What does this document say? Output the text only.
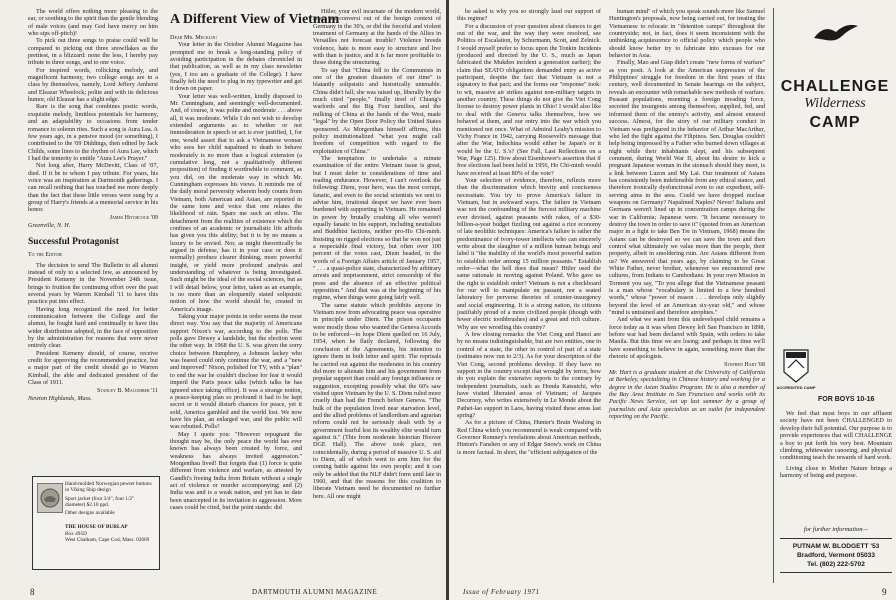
The world offers nothing more pleasing to the ear, or soothing to the spirit than the gentle blending of male voices (and may God have mercy on him who sips off-pitch)!

To pick out three songs to praise could well be compared to picking out three snowflakes as the prettiest, in a blizzard: none the less, I hereby pay tribute to three songs, and to one voice.

For inspired words, rollicking melody, and magnificent harmony, two college songs are in a class by themselves, namely, Lord Jeffery Amherst and Eleazar Wheelock; polite and with its delicious humor, old Eleazar has a slight edge.

Rare is the song that combines poetic words, exquisite melody, limitless potentials for harmony, and an adaptability to occasions from tender romance to solemn rites. Such a song is Aura Lea. A few years ago, in a pensive mood (or something), I contributed to the '09 Diddings, then edited by Jack Childs, some lines to the rhythm of Aura Lee, which I had the temerity to entitle "Aura Lee's Prayer."

Not long after, Harry McDevitt, Class of '07, died. If it be to whom I pay tribute. For years, his voice was an inspiration at Dartmouth gatherings. I can recall nothing that has touched me more deeply than the fact that these little verses were sung by a group of Harry's friends at a memorial service in his honor.

James Hitchcock '09
Greenville, N. H.
Successful Protagonist
To the Editor:

The decision to send The Bulletin to all alumni instead of only to a selected few, as announced by President Kemeny in the November 24th issue, brings to fruition the continuing effort over the past several years by Warren Kimball '11 to have this practice put into effect.

Having long recognized the need for better communication between the College and the alumni, he fought hard and continually to have this wider distribution adopted, in the face of opposition by the administration for reasons that were never entirely clear.

President Kemeny should, of course, receive credit for approving the recommended practice, but a major part of the credit should go to Warren Kimball, the able and dedicated president of the Class of 1911.

Stanley B. Macomber '11
Newton Highlands, Mass.
Hand-molded Norwegian pewter buttons in Viking Ship design
Sport jacket (four 3/4", four 1/2" diameter) $2.10 ppd.
Other designs available
THE HOUSE OF BURLAP
Box 495D
West Chatham, Cape Cod, Mass. 02669
A Different View of Vietnam

Dear Mr. Mecklin:

Your letter in the October Alumni Magazine has prompted me to break a long-standing policy of avoiding participation in the debates chronicled in that publication, as well as in my class newsletter (yes, I too am a graduate of the College). I have finally felt the need to plug in my typewriter and get it down on paper.

Your letter was well-written, kindly disposed to Mr. Cunningham, and seemingly well-documented. And, of course, it was polite and moderate . . . above all, it was moderate. While I do not wish to develop extended arguments as to whether or not immoderation in speech or act is ever justified, I, for one, would assert that to ask a Vietnamese woman who sees her child napalmed to death to behave moderately is no more than a logical extension (a cumulative long, not a qualitatively different proposition) of finding it worthwhile to comment, as you did, on the moderate way in which Mr. Cunningham expresses his views. It reminds me of the daily moral perversity wherein body counts from Vietnam, both American and Asian, are reported in the same tone and voice that one relates the likelihood of rain. Spare me such an ethos. The detachment from the realities of existence which the confines of an academic or journalistic life affords has given you this ability; but it is by no means a luxury to be envied. Nor, as might theoretically be argued in defense, has it in your case or does it normally) produce clearer thinking, more powerful insight, or yield more profound analysis and understanding of whatever is being investigated. Such might be the ideal of the social sciences, but as I will detail below, your letter, taken as an example, is no more than an eloquently stated solipsistic notion of how the world should be, created in America's image.

Taking your major points in order seems the most direct way. You say that the majority of Americans support Nixon's war, according to the polls. The polls gave Dewey a landslide, but the election went the other way. In 1968 the U. S. was given the sorry choice between Humphrey, a Johnson lackey who was feared could only continue the war, and a "new and improved" Nixon, polished for TV, with a "plan" to end the war he couldn't disclose for fear it would imperil the Paris peace talks (which talks he has ignored since taking office). It was a strange notion, a peace-keeping plan so profound it had to be kept secret or it would disturb chances for peace, yet it sold, America gambled and the world lost. We now have his plan, an enlarged war, and the public will was rebutted. Polls?

May I quote you: "However repugnant the thought may be, the only peace the world has ever known has always been created by force, and weakness has always invited aggression." Morgenthau lived! But forgets that (1) force is quite different from violence and warfare, as attested by Gandhi's freeing India from Britain without a single act of violence or murder accompanying; and (2) India was and is a weak nation, and yet has to date been unaccepted in its invitation to aggression. More cases could be cited, but the point stands: did

Hitler, your evil incarnate of the modern world, arise uni conversi out of the benign context of Germany in the 30's, or did the forceful and violent treatment of Germany at the hands of the Allies in Versailles not forecast trouble? Violence breeds violence, hate is more easy to structure and live with than is justice, and it is far more profitable to those doing the structuring.

To say that "China fell to the Communists in one of the greatest disasters of our time" is blatantly solipsistic and historically untenable. China didn't fall; she was raised up, liberally by the much cited "people," finally tired of Chiang's warlords and the Big Four families, and the milking of China at the hands of the West, made "legal" by the Open Door Policy the United States sponsored. As Morgenthau himself affirms, this policy institutionalized "what you might call freedom of competition with regard to the exploitation of China."

The temptation to undertake a minute examination of the entire Vietnam issue is great, but I must defer to considerations of time and reading endurance. However, I can't overlook the following: Diem, your hero, was the most corrupt, fanatic, and even to the social scientists we sent to advise him, irrational despot we have ever been burdened with supporting in Vietnam. He remained in power by brutally crushing all who weren't equally fanatic in his support, including neutralists and Buddhist factions, neither pro-Ho Chi-minh. Insisting on rigged elections so that he won not just a respectable final victory, but often over 100 percent of the votes cast, Diem headed, in the words of a Foreign Affairs article of January 1957, " . . . a quasi-police state, characterized by arbitrary arrests and imprisonment, strict censorship of the press and the absence of an effective political opposition." And that was at the beginning of his regime, when things were going fairly well.

The same statute which prohibits anyone in Vietnam now from advocating peace was operative in principle under Diem. The prison occupants were mostly those who wanted the Geneva Accords to be enforced—to hope Diem quelled on 16 July, 1954, when he flatly declared, following the conclusion of the Agreements, his intention to ignore them in both letter and spirit. The reprisals he carried out against the moderates in his country did more to alienate him and his government from popular support than could any foreign influence or suggestion, excepting possibly what the 60's saw visited upon Vietnam by the U. S. Diem ruled more cruelly than had the French before Geneva. "The bulk of the population lived near starvation level, and the allied problems of landlordism and agrarian reform could not be seriously dealt with by a government fearful lest its wealthy elite would turn against it." (This from moderate historian Hoover DGE Hall). The above took place, not coincidentally, during a period of massive U. S. aid to Diem, all of which went to arm him for the coming battle against his own people; and it can only be added that the NLF didn't form until late in 1960, and that the reasons for this coalition to liberate Vietnam need be documented no further here. All one might

8	DARTMOUTH ALUMNI MAGAZINE

be asked is why you so strongly laud our support of this regime?

For a discussion of your question about chances to get out of the war, and the way they were resolved, see Politics of Escalation, by Schurmann, Scott, and Zelnick. I would myself prefer to focus upon the Tonkin Incidents (produced and directed by the U. S., much as Japan fabricated the Mukden incident a generation earlier); the claim that SEATO obligations demanded entry as active participant, despite the fact that Vietnam is not a signatory to that pact; and the forms our "response" took: to wit, massive air strikes against non-military targets in another country. These things do not give the Viet Cong license to destroy power plants in Ohio! I would also like to deal with the Geneva talks themselves, how we behaved at them, and our entry into the war which you mentioned not once. What of Admiral Leahy's mission to Vichy France in 1942, carrying Roosevelt's message that after the War, Indochina would either be Japan's or it would be the U. S.'s? (See Fall, Last Reflections on a War, Page 125). How about Eisenhower's assertion that if free elections had been held in 1956, Ho Chi-minh would have received at least 80% of the vote?

Your selection of evidence, therefore, reflects more than the discrimination which brevity and conciseness necessitate. You try to prove America's failure in Vietnam, but in awkward ways. The failure in Vietnam was not the confounding of the fiercest military machine ever devised, against peasants with rakes, of a $30-billion-a-year budget fizzling out against a rice economy of late neolithic techniques: America's failure is rather the predominance of ivory-tower intellects who can sincerely write about the slaughter of a million human beings and label it "the inability of the world's most powerful nation to establish order among 15 million peasants." Establish order—what the hell does that mean? Hitler used the same rationale in moving against Poland. Who gave us the right to establish order? Vietnam is not a checkboard for our will to manipulate en passant, nor a seated laboratory for perverse theories of counter-insurgency and social engineering. It is a strong nation, its citizens justifiably proud of a more civilized people (though with fewer electric toothbrushes) and a great and rich culture. Why are we wrestling this country?

A few closing remarks: the Viet Cong and Hanoi are by no means indistinguishable, but are two entities, one in control of a state, the other in control of part of a state (estimates now run to 2/3). As for your description of the Viet Cong, second problems develop. If they have no support in the country except that wrought by terror, how do you explain the extensive reports to the contrary by independent journalists, such as Honda Katsuichi, who have visited liberated areas of Vietnam; of Jacques Decornoy, who writes extensively in Le Monde about the Pathet-lao support in Laos, having visited these areas last spring?

As for a picture of China, Hunter's Brain Washing in Red China which you recommend is weak compared with Governor Romney's revelations about American methods, Hinton's Fanshen or any of Edgar Snow's work on China is more factual. In short, the "efficient subjugation of the

human mind" of which you speak sounds more like Samuel Huntington's proposals, now being carried out, for treating the Vietnamese to relocate in "detention camps" throughout the countryside; not, in fact, does it seem inconsistent with the unthinking acquiescence to official policy which people who should know better try to fabricate into excuses for our behavior in Asia.

Finally, Mao and Giap didn't create "new forms of warfare" as you posit. A look at the American suppression of the Philippines' struggle for freedom in the first years of this century, well documented in Senate hearings on the subject, reveals an encounter with remarkable new methods of warfare. Peasant populations, resenting a foreign invading force, secreted the insurgents among themselves, supplied, fed, and informed them of the enemy's activity, and almost ensured success. Almost, for the story of our military conduct in Vietnam was prefigured in the behavior of Arthur MacArthur, who led the fight against the Filipinos. Sen. Douglas couldn't help being impressed by a Father who burned down villages at night while their inhabitants slept, and his subsequent comment, during World War II, about his desire to kick a pregnant Japanese woman in the stomach should they meet, is a link between Luzon and My Lai. Our treatment of Asians has consistently been indefensible from any ethical stance, and therefore ironically dysfunctional even to our expedient, self-serving aims in the area. Could we have dropped nuclear weapons on Germany? Napalmed Naples? Never! Italians and Germans weren't lined up in concentration camps during the war in California; Japanese were. "It became necessary to destroy the town in order to save it" (quoted from an American major in a fight to take Ben Tre in Vietnam, 1968) means the Asians can be destroyed so we can save the town and then control what ultimately we value more than the people, their property, albeit in smoldering ruin. Are Asians different from us? We answered that years ago, by claiming to be Great White Father, never brother, whenever we encountered new cultures, from Indians to Cambodians. In your own Mission in Torment you say, "To you allege that the Vietnamese peasant is a man whose "vocabulary is limited to a few hundred words," whose "power of reason . . . develops only slightly beyond the level of an American six-year old," and whose "mind is untrained and therefore atrophies."

And what we want from this undeveloped child remains a force today as it was when Dewey left San Francisco in 1898, before war had been declared with Spain, with orders to take Manila. But this time we are losing; and perhaps in time we'll have something to believe in again, something more than the rhetoric of apologists.

Stephen Hart '68

Mr. Hart is a graduate student at the University of California at Berkeley, specializing in Chinese history and working for a degree in the Asian Studies Program. He is also a member of the Bay Area Institute in San Francisco and works with its Pacific News Service, set up last summer by a group of journalists and Asia specialists as an outlet for independent reporting on the Pacific.

CHALLENGE
Wilderness
CAMP
ACCREDITED CAMP
FOR BOYS 10-16

We feel that most boys in our affluent society have not been CHALLENGED to develop their full potential. Our purpose is to provide experiences that will CHALLENGE a boy to put forth his very best. Mountain climbing, whitewater canoeing, and physical conditioning teach the rewards of hard work.

Living close to Mother Nature brings a harmony of being and purpose.

for further information—
PUTNAM W. BLODGETT '53
Bradford, Vermont 05033
Tel. (802) 222-5702
Issue of February 1971	9
